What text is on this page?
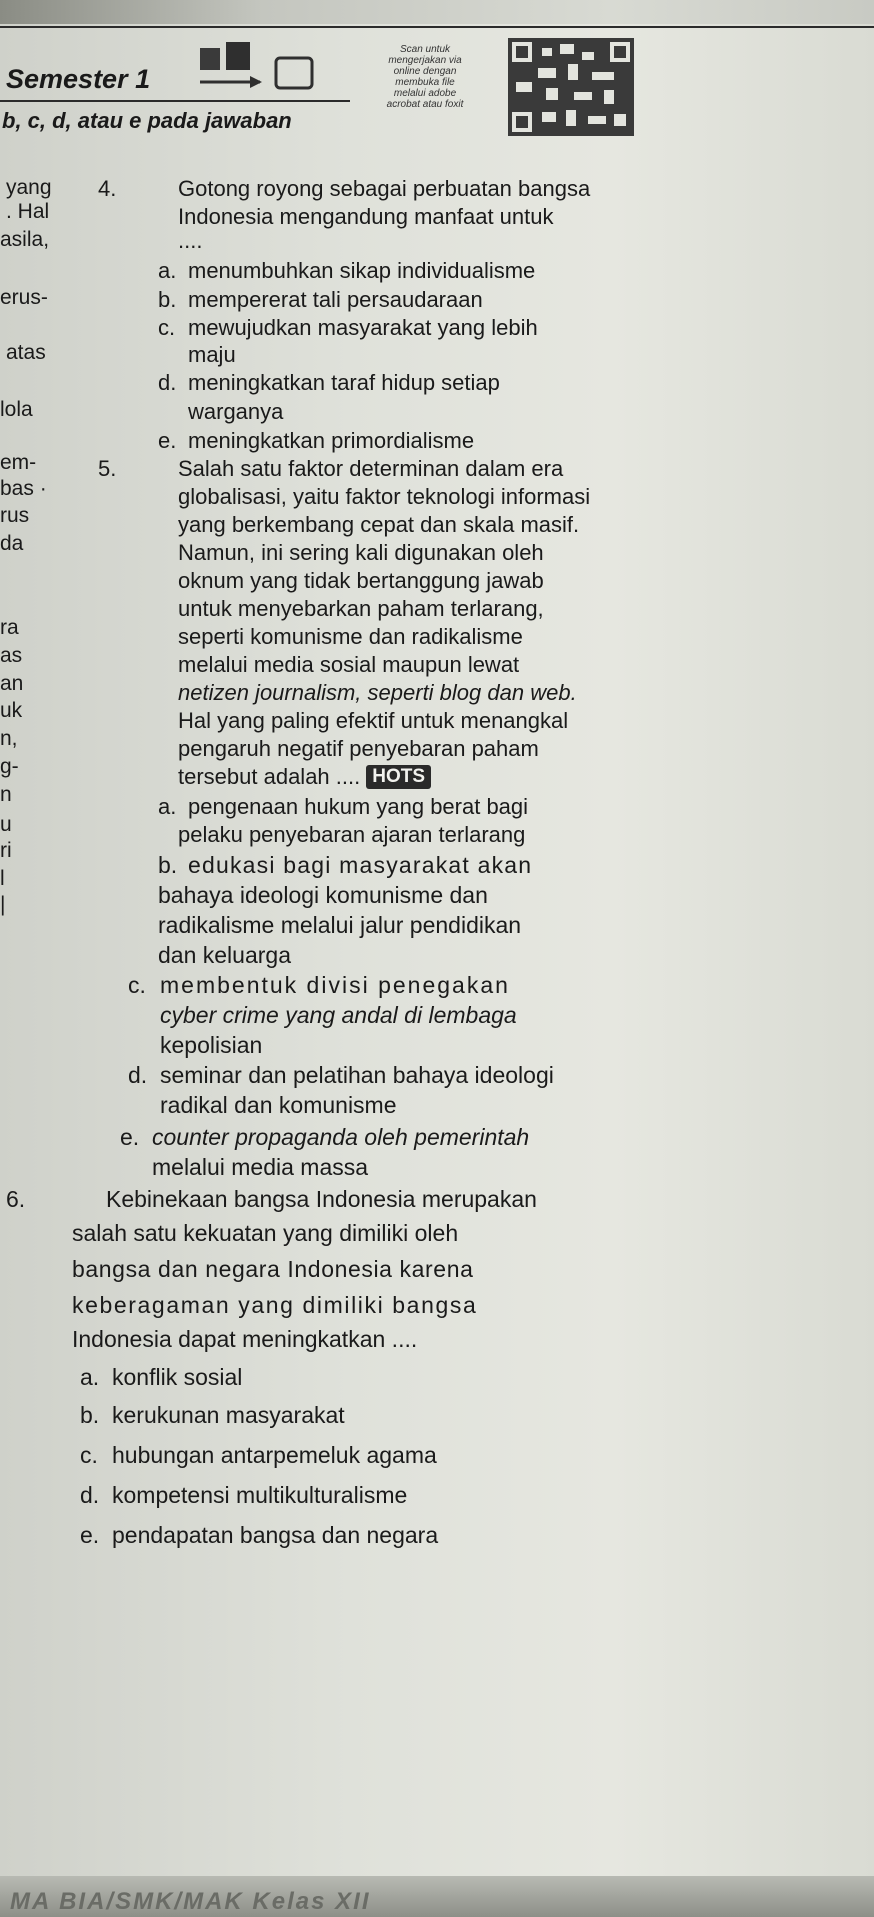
Semester 1
b, c, d, atau e pada jawaban
Scan untuk
mengerjakan via
online dengan
membuka file
melalui adobe
acrobat atau foxit
yang
. Hal
asila,
erus-
atas
lola
em-
bas ·
rus
da
ra
as
an
uk
n,
g-
n
u
ri
l
|
4.	Gotong royong sebagai perbuatan bangsa
Indonesia mengandung manfaat untuk
....
a. menumbuhkan sikap individualisme
b. mempererat tali persaudaraan
c. mewujudkan masyarakat yang lebih
maju
d. meningkatkan taraf hidup setiap
warganya
e. meningkatkan primordialisme
5.	Salah satu faktor determinan dalam era
globalisasi, yaitu faktor teknologi informasi
yang berkembang cepat dan skala masif.
Namun, ini sering kali digunakan oleh
oknum yang tidak bertanggung jawab
untuk menyebarkan paham terlarang,
seperti komunisme dan radikalisme
melalui media sosial maupun lewat
netizen journalism, seperti blog dan web.
Hal yang paling efektif untuk menangkal
pengaruh negatif penyebaran paham
tersebut adalah .... HOTS
a. pengenaan hukum yang berat bagi
pelaku penyebaran ajaran terlarang
b. edukasi bagi masyarakat akan
bahaya ideologi komunisme dan
radikalisme melalui jalur pendidikan
dan keluarga
c. membentuk divisi penegakan
cyber crime yang andal di lembaga
kepolisian
d. seminar dan pelatihan bahaya ideologi
radikal dan komunisme
e. counter propaganda oleh pemerintah
melalui media massa
6.	Kebinekaan bangsa Indonesia merupakan
salah satu kekuatan yang dimiliki oleh
bangsa dan negara Indonesia karena
keberagaman yang dimiliki bangsa
Indonesia dapat meningkatkan ....
a. konflik sosial
b. kerukunan masyarakat
c. hubungan antarpemeluk agama
d. kompetensi multikulturalisme
e. pendapatan bangsa dan negara
MA BIA/SMK/MAK Kelas XII
